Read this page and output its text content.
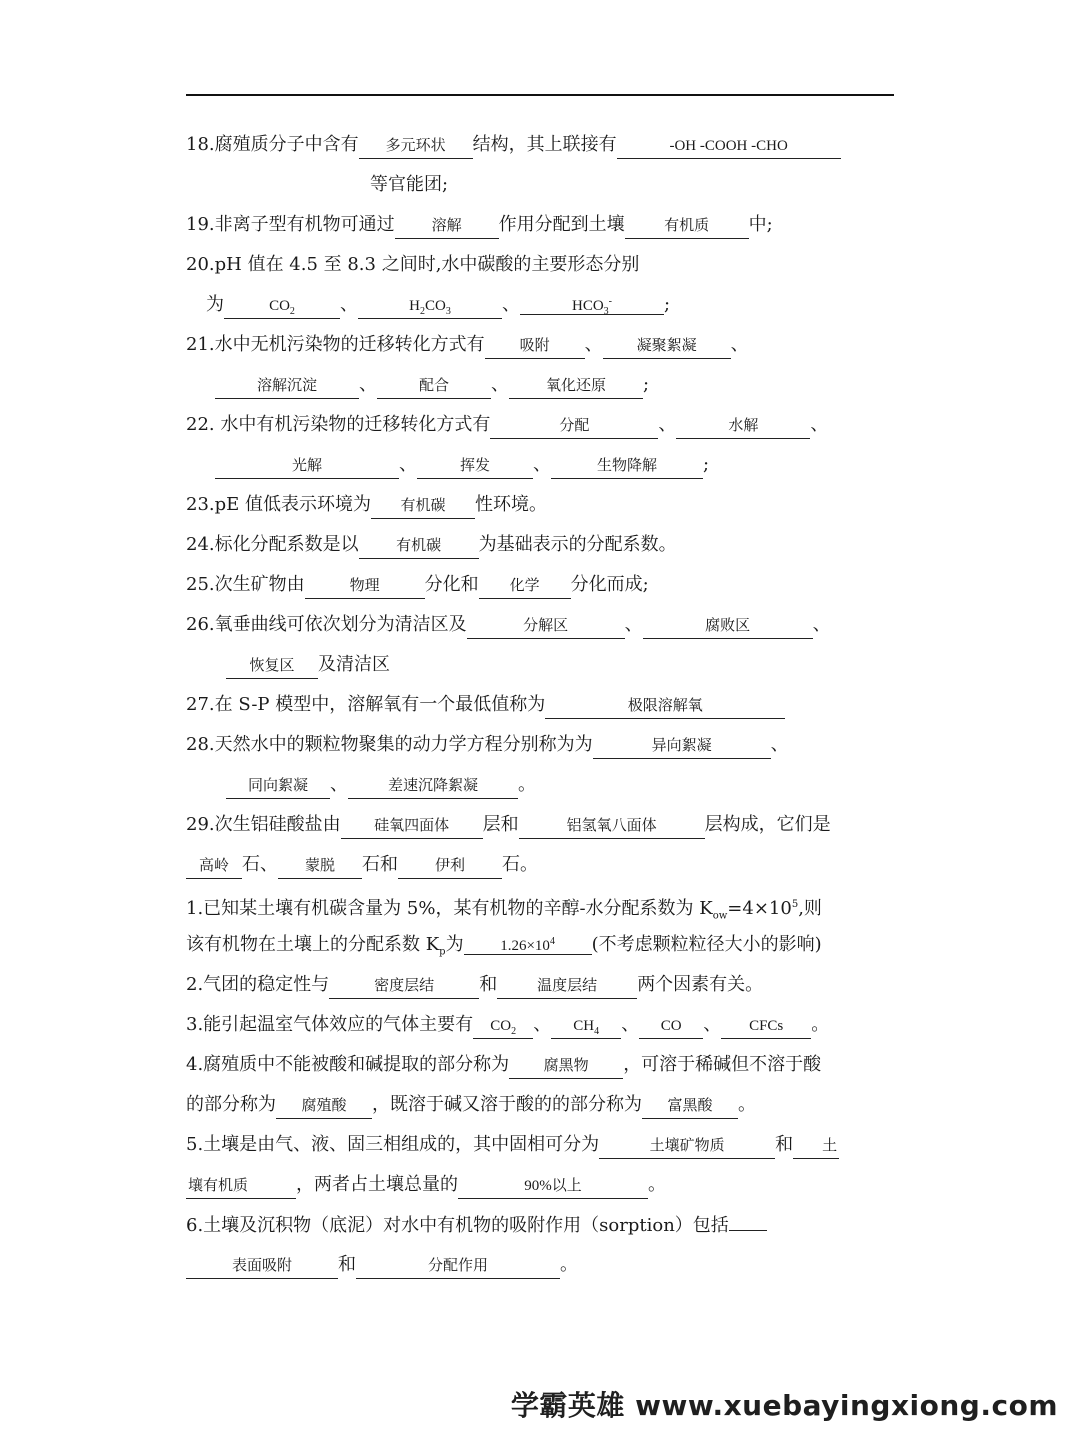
18.腐殖质分子中含有 多元环状 结构，其上联接有	-OH -COOH -CHO
等官能团;
19.非离子型有机物可通过 溶解 作用分配到土壤	有机质 中;
20.pH 值在 4.5 至 8.3 之间时,水中碳酸的主要形态分别
为	$CO_2$	、	$H_2CO_3$	、	$HCO_3^-$	;
21.水中无机污染物的迁移转化方式有 吸附 、 凝聚絮凝 、
溶解沉淀 、	配合 、 氧化还原 ;
22. 水中有机污染物的迁移转化方式有	分配	、	水解	、
光解	、	挥发 、	生物降解	;
23.pE 值低表示环境为 有机碳 性环境。
24.标化分配系数是以 有机碳 为基础表示的分配系数。
25.次生矿物由	物理	分化和 化学 分化而成;
26.氧垂曲线可依次划分为清洁区及	分解区	、	腐败区	、
恢复区 及清洁区
27.在 S-P 模型中，溶解氧有一个最低值称为	极限溶解氧
28.天然水中的颗粒物聚集的动力学方程分别称为为	异向絮凝	、
同向絮凝 、	差速沉降絮凝 。
29.次生铝硅酸盐由 硅氧四面体 层和	铝氢氧八面体	层构成，它们是
高岭 石、 蒙脱 石和 伊利 石。
1.已知某土壤有机碳含量为 5%，某有机物的辛醇-水分配系数为 $K_{ow}=4\times 10^5$,则
该有机物在土壤上的分配系数 $K_p$为 $1.26\times 10^4$ (不考虑颗粒粒径大小的影响)
2.气团的稳定性与	密度层结	和	温度层结 两个因素有关。
3.能引起温室气体效应的气体主要有 $CO_2$ 、 $CH_4$ 、 CO 、 CFCs 。
4.腐殖质中不能被酸和碱提取的部分称为 腐黑物 ，可溶于稀碱但不溶于酸
的部分称为 腐殖酸 ，既溶于碱又溶于酸的的部分称为 富黑酸 。
5.土壤是由气、液、固三相组成的，其中固相可分为	土壤矿物质	和 土
壤有机质	，两者占土壤总量的	90%以上	。
6.土壤及沉积物（底泥）对水中有机物的吸附作用（sorption）包括
表面吸附	和	分配作用	。
学霸英雄 www.xuebayingxiong.com
